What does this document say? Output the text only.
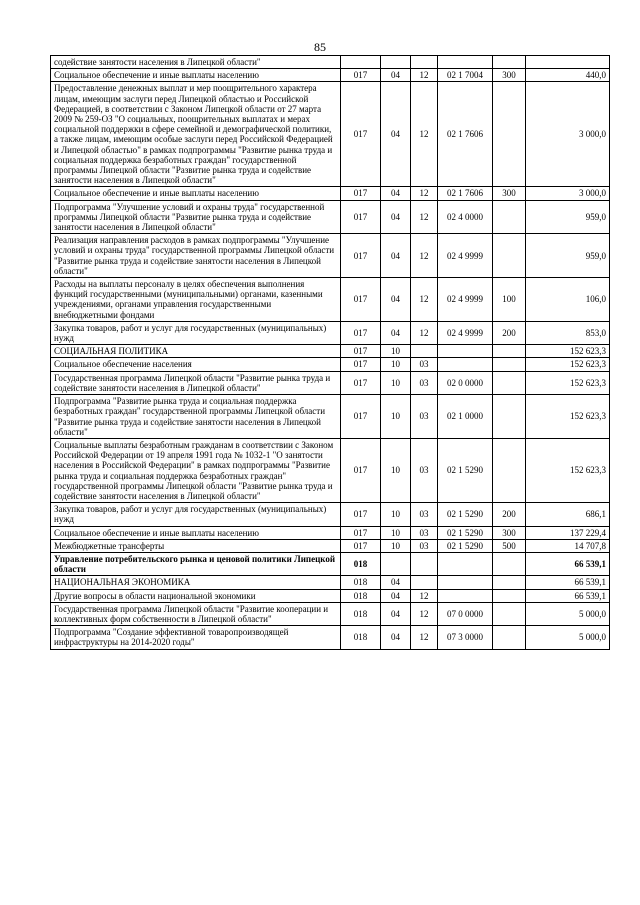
85
содействие занятости населения в Липецкой области"						
Социальное обеспечение и иные выплаты населению	017	04	12	02 1 7004	300	440,0
Предоставление денежных выплат и мер поощрительного характера лицам, имеющим заслуги перед Липецкой областью и Российской Федерацией, в соответствии с Законом Липецкой области от 27 марта 2009 № 259-ОЗ "О социальных, поощрительных выплатах и мерах социальной поддержки в сфере семейной и демографической политики, а также лицам, имеющим особые заслуги перед Российской Федерацией и Липецкой областью" в рамках подпрограммы "Развитие рынка труда и социальная поддержка безработных граждан" государственной программы Липецкой области "Развитие рынка труда и содействие занятости населения в Липецкой области"	017	04	12	02 1 7606		3 000,0
Социальное обеспечение и иные выплаты населению	017	04	12	02 1 7606	300	3 000,0
Подпрограмма "Улучшение условий и охраны труда" государственной программы Липецкой области "Развитие рынка труда и содействие занятости населения в Липецкой области"	017	04	12	02 4 0000		959,0
Реализация направления расходов в рамках подпрограммы "Улучшение условий и охраны труда" государственной программы Липецкой области "Развитие рынка труда и содействие занятости населения в Липецкой области"	017	04	12	02 4 9999		959,0
Расходы на выплаты персоналу в целях обеспечения выполнения функций государственными (муниципальными) органами, казенными учреждениями, органами управления государственными внебюджетными фондами	017	04	12	02 4 9999	100	106,0
Закупка товаров, работ и услуг для государственных (муниципальных) нужд	017	04	12	02 4 9999	200	853,0
СОЦИАЛЬНАЯ ПОЛИТИКА	017	10				152 623,3
Социальное обеспечение населения	017	10	03			152 623,3
Государственная программа Липецкой области "Развитие рынка труда и содействие занятости населения в Липецкой области"	017	10	03	02 0 0000		152 623,3
Подпрограмма "Развитие рынка труда и социальная поддержка безработных граждан" государственной программы Липецкой области "Развитие рынка труда и содействие занятости населения в Липецкой области"	017	10	03	02 1 0000		152 623,3
Социальные выплаты безработным гражданам в соответствии с Законом Российской Федерации от 19 апреля 1991 года № 1032-1 "О занятости населения в Российской Федерации" в рамках подпрограммы "Развитие рынка труда и социальная поддержка безработных граждан" государственной программы Липецкой области "Развитие рынка труда и содействие занятости населения в Липецкой области"	017	10	03	02 1 5290		152 623,3
Закупка товаров, работ и услуг для государственных (муниципальных) нужд	017	10	03	02 1 5290	200	686,1
Социальное обеспечение и иные выплаты населению	017	10	03	02 1 5290	300	137 229,4
Межбюджетные трансферты	017	10	03	02 1 5290	500	14 707,8
Управление потребительского рынка и ценовой политики Липецкой области	018					66 539,1
НАЦИОНАЛЬНАЯ ЭКОНОМИКА	018	04				66 539,1
Другие вопросы в области национальной экономики	018	04	12			66 539,1
Государственная программа Липецкой области "Развитие кооперации и коллективных форм собственности в Липецкой области"	018	04	12	07 0 0000		5 000,0
Подпрограмма "Создание эффективной товаропроизводящей инфраструктуры на 2014-2020 годы"	018	04	12	07 3 0000		5 000,0
